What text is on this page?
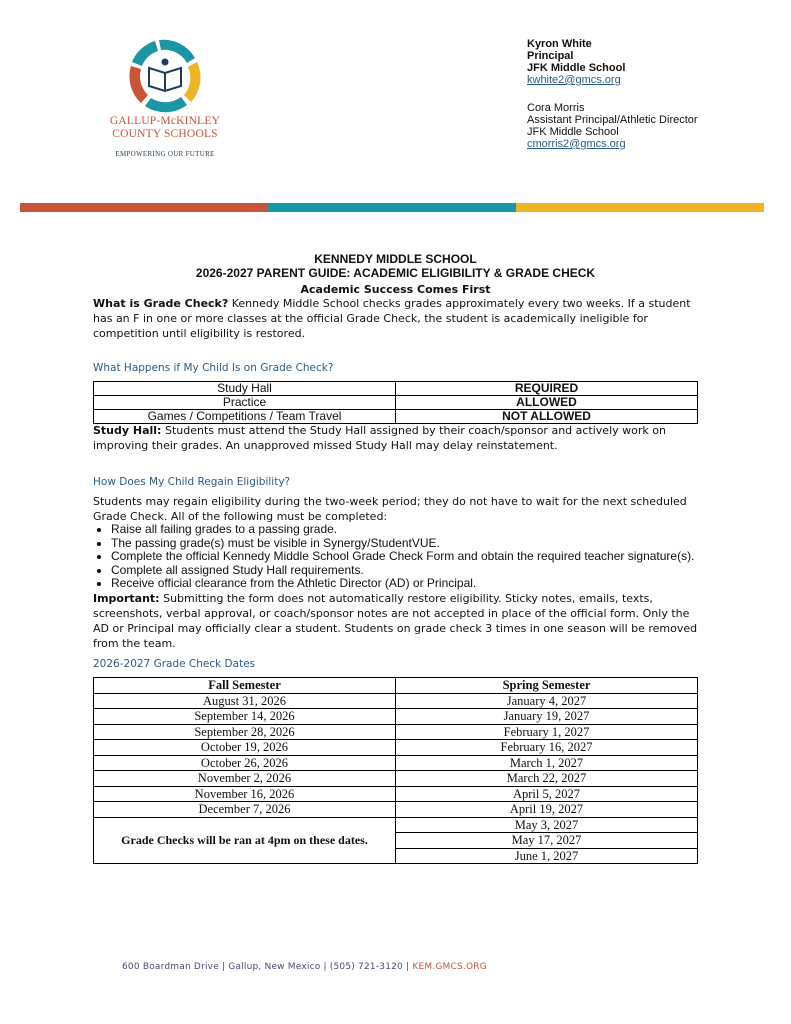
GALLUP-McKINLEY
COUNTY SCHOOLS
EMPOWERING OUR FUTURE
Kyron White
Principal
JFK Middle School
kwhite2@gmcs.org
Cora Morris
Assistant Principal/Athletic Director
JFK Middle School
cmorris2@gmcs.org
KENNEDY MIDDLE SCHOOL
2026-2027 PARENT GUIDE: ACADEMIC ELIGIBILITY & GRADE CHECK
Academic Success Comes First
What is Grade Check? Kennedy Middle School checks grades approximately every two weeks. If a student has an F in one or more classes at the official Grade Check, the student is academically ineligible for competition until eligibility is restored.
What Happens if My Child Is on Grade Check?
Study Hall	REQUIRED
Practice	ALLOWED
Games / Competitions / Team Travel	NOT ALLOWED
Study Hall: Students must attend the Study Hall assigned by their coach/sponsor and actively work on improving their grades. An unapproved missed Study Hall may delay reinstatement.
How Does My Child Regain Eligibility?
Students may regain eligibility during the two-week period; they do not have to wait for the next scheduled Grade Check. All of the following must be completed:
• Raise all failing grades to a passing grade.
• The passing grade(s) must be visible in Synergy/StudentVUE.
• Complete the official Kennedy Middle School Grade Check Form and obtain the required teacher signature(s).
• Complete all assigned Study Hall requirements.
• Receive official clearance from the Athletic Director (AD) or Principal.
Important: Submitting the form does not automatically restore eligibility. Sticky notes, emails, texts, screenshots, verbal approval, or coach/sponsor notes are not accepted in place of the official form. Only the AD or Principal may officially clear a student. Students on grade check 3 times in one season will be removed from the team.
2026-2027 Grade Check Dates
Fall Semester	Spring Semester
August 31, 2026	January 4, 2027
September 14, 2026	January 19, 2027
September 28, 2026	February 1, 2027
October 19, 2026	February 16, 2027
October 26, 2026	March 1, 2027
November 2, 2026	March 22, 2027
November 16, 2026	April 5, 2027
December 7, 2026	April 19, 2027
Grade Checks will be ran at 4pm on these dates.	May 3, 2027
	May 17, 2027
	June 1, 2027
600 Boardman Drive | Gallup, New Mexico | (505) 721-3120 | KEM.GMCS.ORG
